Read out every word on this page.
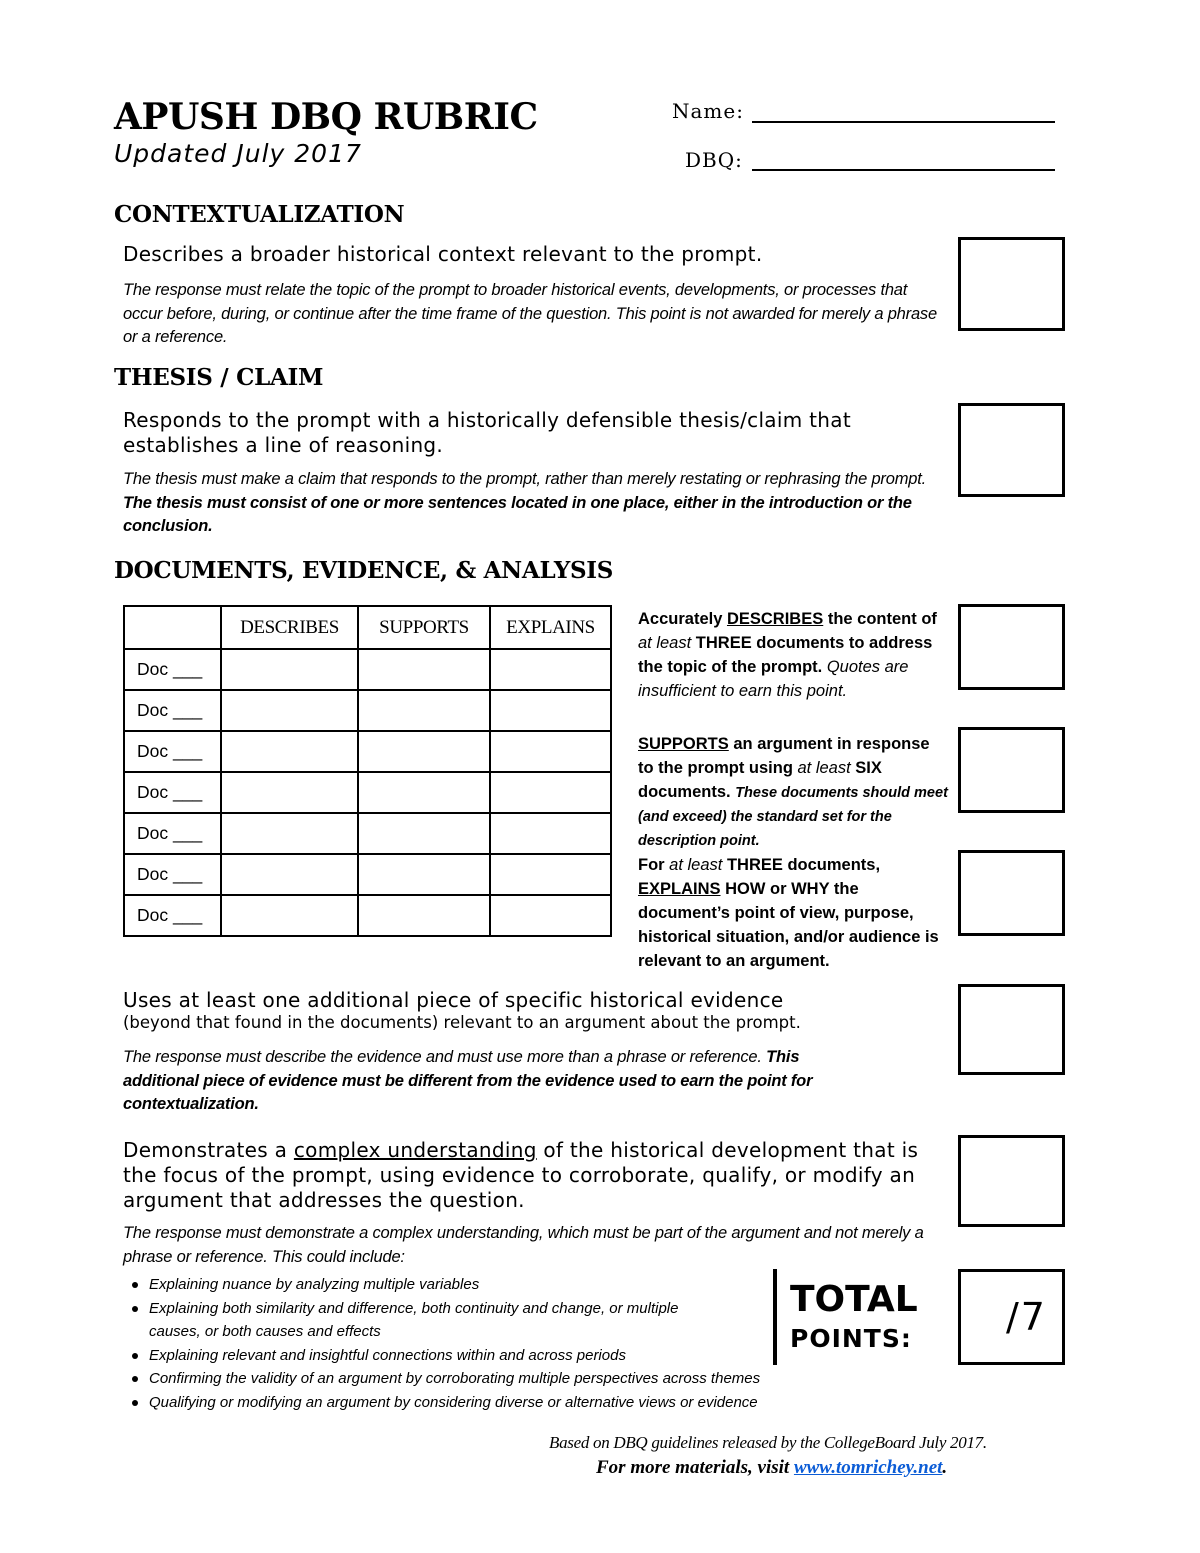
APUSH DBQ RUBRIC
Updated July 2017
Name:
DBQ:
CONTEXTUALIZATION
Describes a broader historical context relevant to the prompt.
The response must relate the topic of the prompt to broader historical events, developments, or processes that occur before, during, or continue after the time frame of the question. This point is not awarded for merely a phrase or a reference.
THESIS / CLAIM
Responds to the prompt with a historically defensible thesis/claim that establishes a line of reasoning.
The thesis must make a claim that responds to the prompt, rather than merely restating or rephrasing the prompt. The thesis must consist of one or more sentences located in one place, either in the introduction or the conclusion.
DOCUMENTS, EVIDENCE, & ANALYSIS
	DESCRIBES	SUPPORTS	EXPLAINS
Doc ___			
Doc ___			
Doc ___			
Doc ___			
Doc ___			
Doc ___			
Doc ___			
Accurately DESCRIBES the content of at least THREE documents to address the topic of the prompt. Quotes are insufficient to earn this point.
SUPPORTS an argument in response to the prompt using at least SIX documents. These documents should meet (and exceed) the standard set for the description point.
For at least THREE documents, EXPLAINS HOW or WHY the document’s point of view, purpose, historical situation, and/or audience is relevant to an argument.
Uses at least one additional piece of specific historical evidence
(beyond that found in the documents) relevant to an argument about the prompt.
The response must describe the evidence and must use more than a phrase or reference. This additional piece of evidence must be different from the evidence used to earn the point for contextualization.
Demonstrates a complex understanding of the historical development that is the focus of the prompt, using evidence to corroborate, qualify, or modify an argument that addresses the question.
The response must demonstrate a complex understanding, which must be part of the argument and not merely a phrase or reference. This could include:
Explaining nuance by analyzing multiple variables
Explaining both similarity and difference, both continuity and change, or multiple causes, or both causes and effects
Explaining relevant and insightful connections within and across periods
Confirming the validity of an argument by corroborating multiple perspectives across themes
Qualifying or modifying an argument by considering diverse or alternative views or evidence
TOTAL
POINTS: /7
Based on DBQ guidelines released by the CollegeBoard July 2017.
For more materials, visit www.tomrichey.net.
